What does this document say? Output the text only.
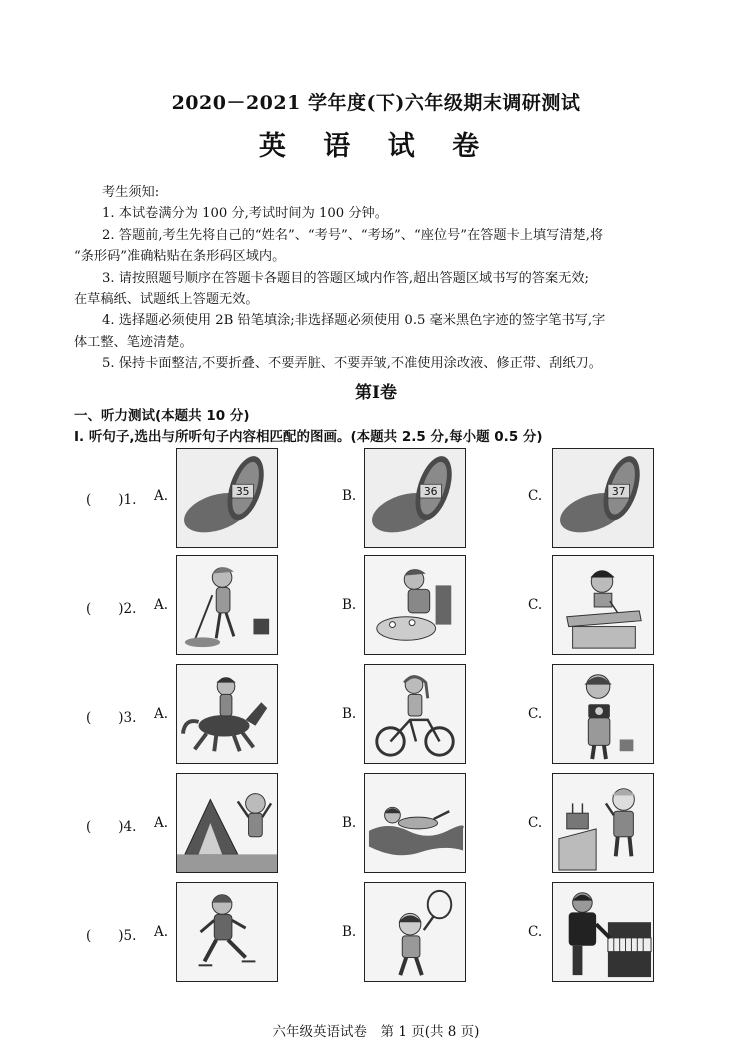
2020－2021 学年度(下)六年级期末调研测试
英 语 试 卷
考生须知:
1. 本试卷满分为 100 分,考试时间为 100 分钟。
2. 答题前,考生先将自己的“姓名”、“考号”、“考场”、“座位号”在答题卡上填写清楚,将
“条形码”准确粘贴在条形码区域内。
3. 请按照题号顺序在答题卡各题目的答题区域内作答,超出答题区域书写的答案无效;
在草稿纸、试题纸上答题无效。
4. 选择题必须使用 2B 铅笔填涂;非选择题必须使用 0.5 毫米黑色字迹的签字笔书写,字
体工整、笔迹清楚。
5. 保持卡面整洁,不要折叠、不要弄脏、不要弄皱,不准使用涂改液、修正带、刮纸刀。
第Ⅰ卷
一、听力测试(本题共 10 分)
I. 听句子,选出与所听句子内容相匹配的图画。(本题共 2.5 分,每小题 0.5 分)
(　　)1. A.	35	B.	36	C.	37
(　　)2. A.	B.	C.
(　　)3. A.	B.	C.
(　　)4. A.	B.	C.
(　　)5. A.	B.	C.
六年级英语试卷　第 1 页(共 8 页)
